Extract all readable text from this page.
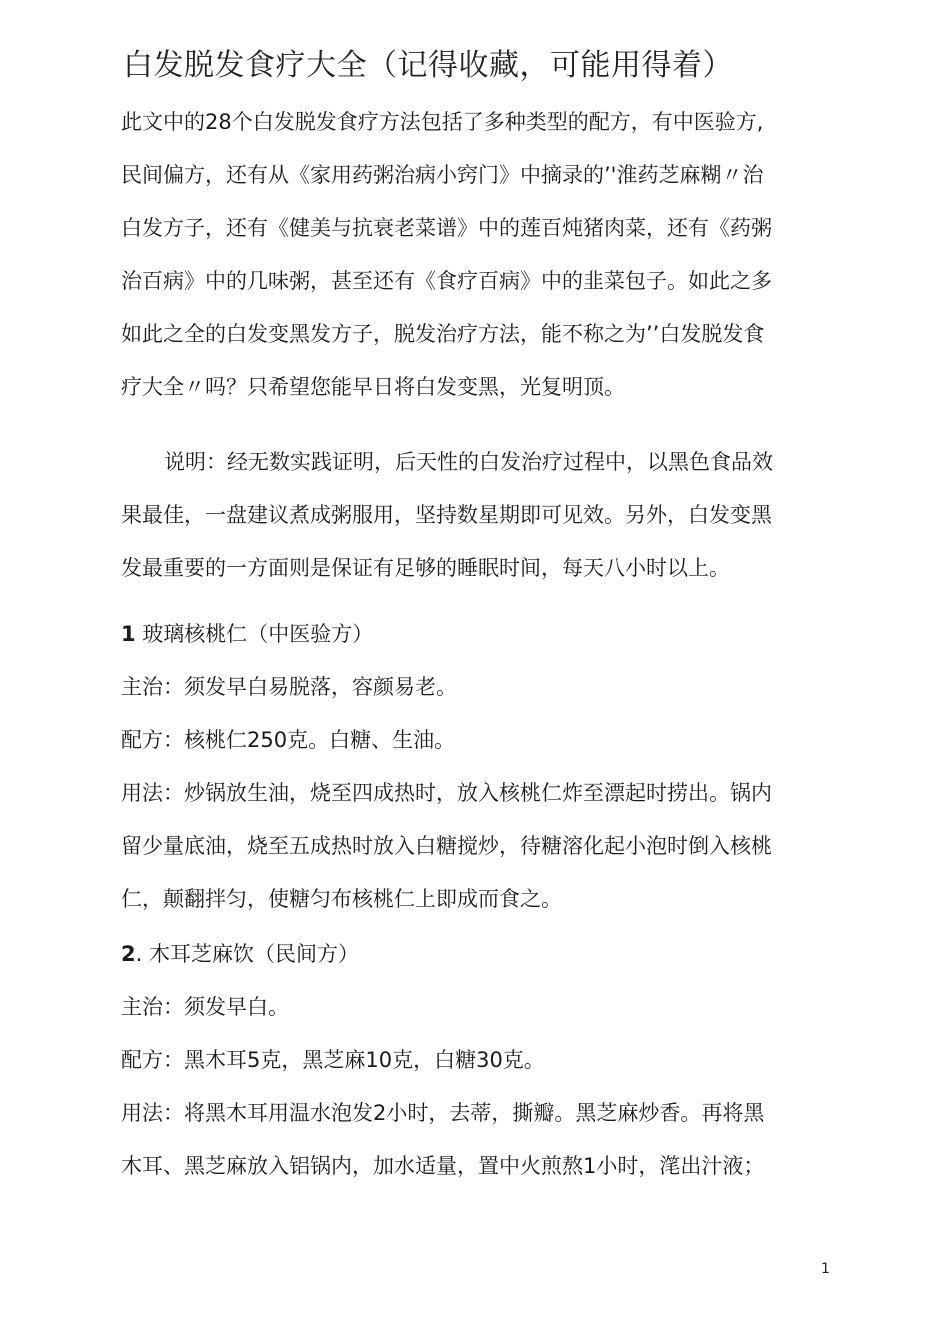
白发脱发食疗大全（记得收藏，可能用得着）
此文中的28个白发脱发食疗方法包括了多种类型的配方，有中医验方,
民间偏方，还有从《家用药粥治病小窍门》中摘录的’'淮药芝麻糊〃治
白发方子，还有《健美与抗衰老菜谱》中的莲百炖猪肉菜，还有《药粥
治百病》中的几味粥，甚至还有《食疗百病》中的韭菜包子。如此之多
如此之全的白发变黑发方子，脱发治疗方法，能不称之为’’白发脱发食
疗大全〃吗？只希望您能早日将白发变黑，光复明顶。
说明：经无数实践证明，后天性的白发治疗过程中，以黑色食品效
果最佳，一盘建议煮成粥服用，坚持数星期即可见效。另外，白发变黑
发最重要的一方面则是保证有足够的睡眠时间，每天八小时以上。
1 玻璃核桃仁（中医验方）
主治：须发早白易脱落，容颜易老。
配方：核桃仁250克。白糖、生油。
用法：炒锅放生油，烧至四成热时，放入核桃仁炸至漂起时捞出。锅内
留少量底油，烧至五成热时放入白糖搅炒，待糖溶化起小泡时倒入核桃
仁，颠翻拌匀，使糖匀布核桃仁上即成而食之。
2. 木耳芝麻饮（民间方）
主治：须发早白。
配方：黑木耳5克，黑芝麻10克，白糖30克。
用法：将黑木耳用温水泡发2小时，去蒂，撕瓣。黑芝麻炒香。再将黑
木耳、黑芝麻放入铝锅内，加水适量，置中火煎熬1小时，滗出汁液；
1
